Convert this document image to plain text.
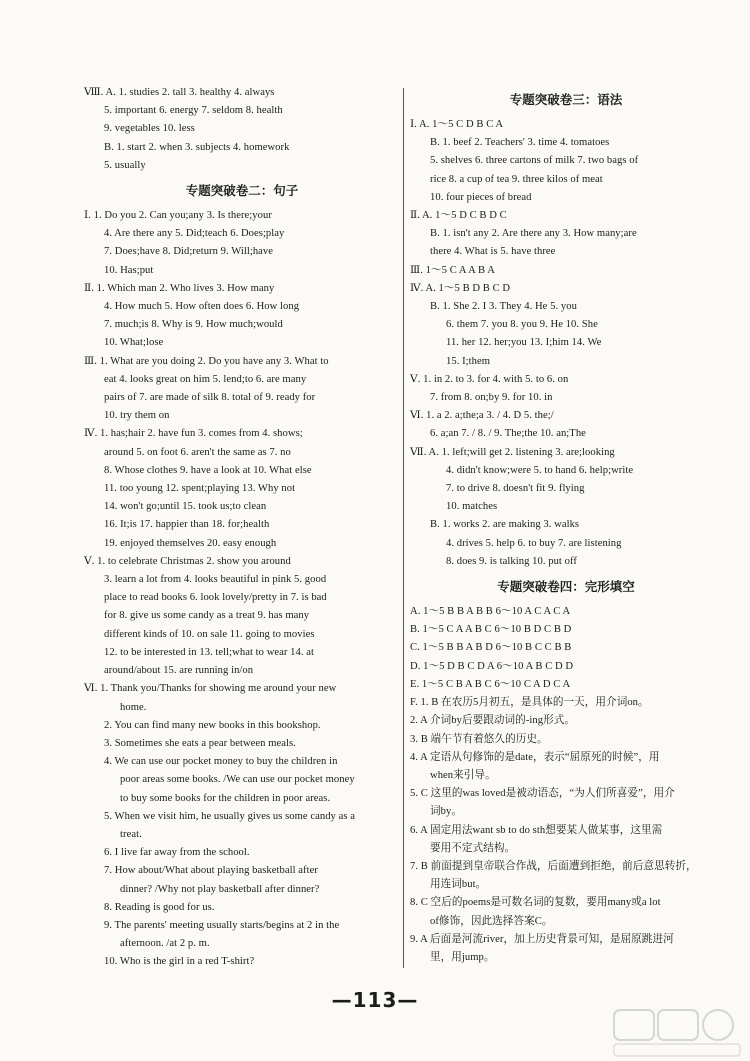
Ⅷ. A. 1. studies 2. tall 3. healthy 4. always
5. important 6. energy 7. seldom 8. health
9. vegetables 10. less
B. 1. start 2. when 3. subjects 4. homework
5. usually
专题突破卷二：句子
Ⅰ. 1. Do you 2. Can you;any 3. Is there;your
4. Are there any 5. Did;teach 6. Does;play
7. Does;have 8. Did;return 9. Will;have
10. Has;put
Ⅱ. 1. Which man 2. Who lives 3. How many
4. How much 5. How often does 6. How long
7. much;is 8. Why is 9. How much;would
10. What;lose
Ⅲ. 1. What are you doing 2. Do you have any 3. What to
eat 4. looks great on him 5. lend;to 6. are many
pairs of 7. are made of silk 8. total of 9. ready for
10. try them on
Ⅳ. 1. has;hair 2. have fun 3. comes from 4. shows;
around 5. on foot 6. aren't the same as 7. no
8. Whose clothes 9. have a look at 10. What else
11. too young 12. spent;playing 13. Why not
14. won't go;until 15. took us;to clean
16. It;is 17. happier than 18. for;health
19. enjoyed themselves 20. easy enough
Ⅴ. 1. to celebrate Christmas 2. show you around
3. learn a lot from 4. looks beautiful in pink 5. good
place to read books 6. look lovely/pretty in 7. is bad
for 8. give us some candy as a treat 9. has many
different kinds of 10. on sale 11. going to movies
12. to be interested in 13. tell;what to wear 14. at
around/about 15. are running in/on
Ⅵ. 1. Thank you/Thanks for showing me around your new
home.
2. You can find many new books in this bookshop.
3. Sometimes she eats a pear between meals.
4. We can use our pocket money to buy the children in
poor areas some books. /We can use our pocket money
to buy some books for the children in poor areas.
5. When we visit him, he usually gives us some candy as a
treat.
6. I live far away from the school.
7. How about/What about playing basketball after
dinner? /Why not play basketball after dinner?
8. Reading is good for us.
9. The parents' meeting usually starts/begins at 2 in the
afternoon. /at 2 p. m.
10. Who is the girl in a red T-shirt?
专题突破卷三：语法
Ⅰ. A. 1～5 C D B C A
B. 1. beef 2. Teachers' 3. time 4. tomatoes
5. shelves 6. three cartons of milk 7. two bags of
rice 8. a cup of tea 9. three kilos of meat
10. four pieces of bread
Ⅱ. A. 1～5 D C B D C
B. 1. isn't any 2. Are there any 3. How many;are
there 4. What is 5. have three
Ⅲ. 1～5 C A A B A
Ⅳ. A. 1～5 B D B C D
B. 1. She 2. I 3. They 4. He 5. you
6. them 7. you 8. you 9. He 10. She
11. her 12. her;you 13. I;him 14. We
15. I;them
Ⅴ. 1. in 2. to 3. for 4. with 5. to 6. on
7. from 8. on;by 9. for 10. in
Ⅵ. 1. a 2. a;the;a 3. / 4. D 5. the;/
6. a;an 7. / 8. / 9. The;the 10. an;The
Ⅶ. A. 1. left;will get 2. listening 3. are;looking
4. didn't know;were 5. to hand 6. help;write
7. to drive 8. doesn't fit 9. flying
10. matches
B. 1. works 2. are making 3. walks
4. drives 5. help 6. to buy 7. are listening
8. does 9. is talking 10. put off
专题突破卷四：完形填空
A. 1～5 B B A B B 6～10 A C A C A
B. 1～5 C A A B C 6～10 B D C B D
C. 1～5 B B A B D 6～10 B C C B B
D. 1～5 D B C D A 6～10 A B C D D
E. 1～5 C B A B C 6～10 C A D C A
F. 1. B 在农历5月初五，是具体的一天，用介词on。
2. A 介词by后要跟动词的-ing形式。
3. B 端午节有着悠久的历史。
4. A 定语从句修饰的是date，表示“屈原死的时候”，用
when来引导。
5. C 这里的was loved是被动语态，“为人们所喜爱”，用介
词by。
6. A 固定用法want sb to do sth想要某人做某事，这里需
要用不定式结构。
7. B 前面提到皇帝联合作战，后面遭到拒绝，前后意思转折，
用连词but。
8. C 空后的poems是可数名词的复数，要用many或a lot
of修饰，因此选择答案C。
9. A 后面是河流river，加上历史背景可知，是屈原跳进河
里，用jump。
—113—
